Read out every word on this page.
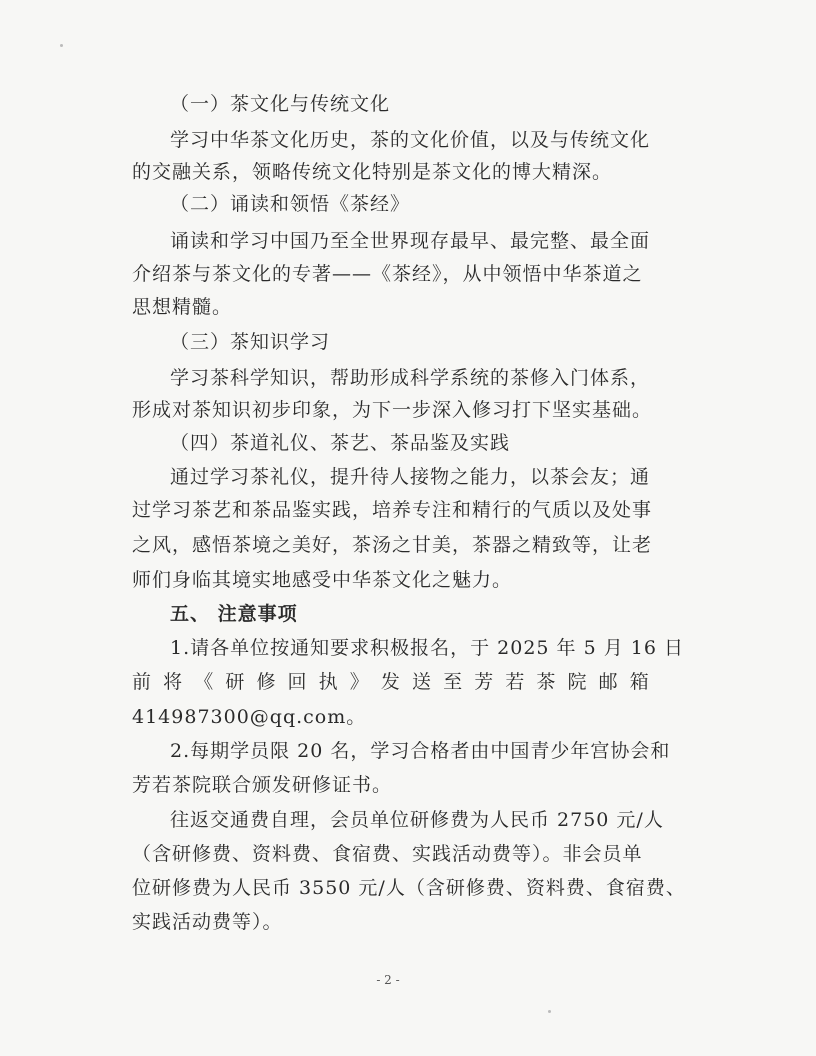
（一）茶文化与传统文化
学习中华茶文化历史，茶的文化价值，以及与传统文化
的交融关系，领略传统文化特别是茶文化的博大精深。
（二）诵读和领悟《茶经》
诵读和学习中国乃至全世界现存最早、最完整、最全面
介绍茶与茶文化的专著——《茶经》，从中领悟中华茶道之
思想精髓。
（三）茶知识学习
学习茶科学知识，帮助形成科学系统的茶修入门体系，
形成对茶知识初步印象，为下一步深入修习打下坚实基础。
（四）茶道礼仪、茶艺、茶品鉴及实践
通过学习茶礼仪，提升待人接物之能力，以茶会友；通
过学习茶艺和茶品鉴实践，培养专注和精行的气质以及处事
之风，感悟茶境之美好，茶汤之甘美，茶器之精致等，让老
师们身临其境实地感受中华茶文化之魅力。
五、 注意事项
1.请各单位按通知要求积极报名，于 2025 年 5 月 16 日
前 将 《 研 修 回 执 》 发 送 至 芳 若 茶 院 邮 箱
414987300@qq.com。
2.每期学员限 20 名，学习合格者由中国青少年宫协会和
芳若茶院联合颁发研修证书。
往返交通费自理，会员单位研修费为人民币 2750 元/人
（含研修费、资料费、食宿费、实践活动费等）。非会员单
位研修费为人民币 3550 元/人（含研修费、资料费、食宿费、
实践活动费等）。
- 2 -
